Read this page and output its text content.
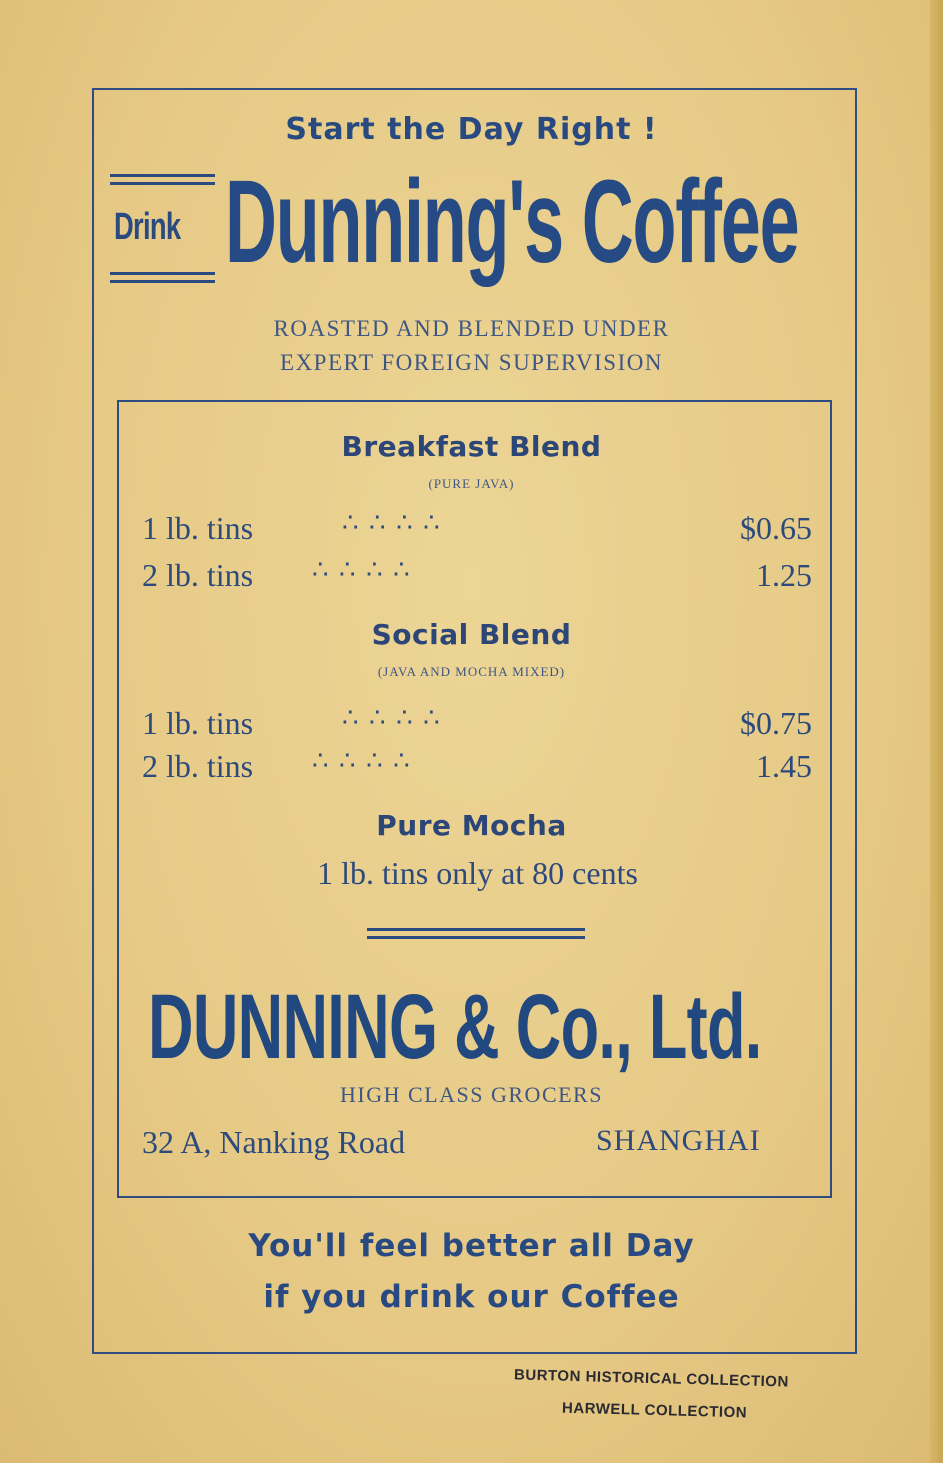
Start the Day Right !
Drink Dunning's Coffee
ROASTED AND BLENDED UNDER
EXPERT FOREIGN SUPERVISION
Breakfast Blend
(PURE JAVA)
1 lb. tins	∴ ∴ ∴ ∴	$0.65
2 lb. tins ∴ ∴ ∴ ∴	1.25
Social Blend
(JAVA AND MOCHA MIXED)
1 lb. tins	∴ ∴ ∴ ∴	$0.75
2 lb. tins ∴ ∴ ∴ ∴	1.45
Pure Mocha
1 lb. tins only at 80 cents
DUNNING & Co., Ltd.
HIGH CLASS GROCERS
32 A, Nanking Road	SHANGHAI
You'll feel better all Day
if you drink our Coffee
BURTON HISTORICAL COLLECTION
HARWELL COLLECTION
